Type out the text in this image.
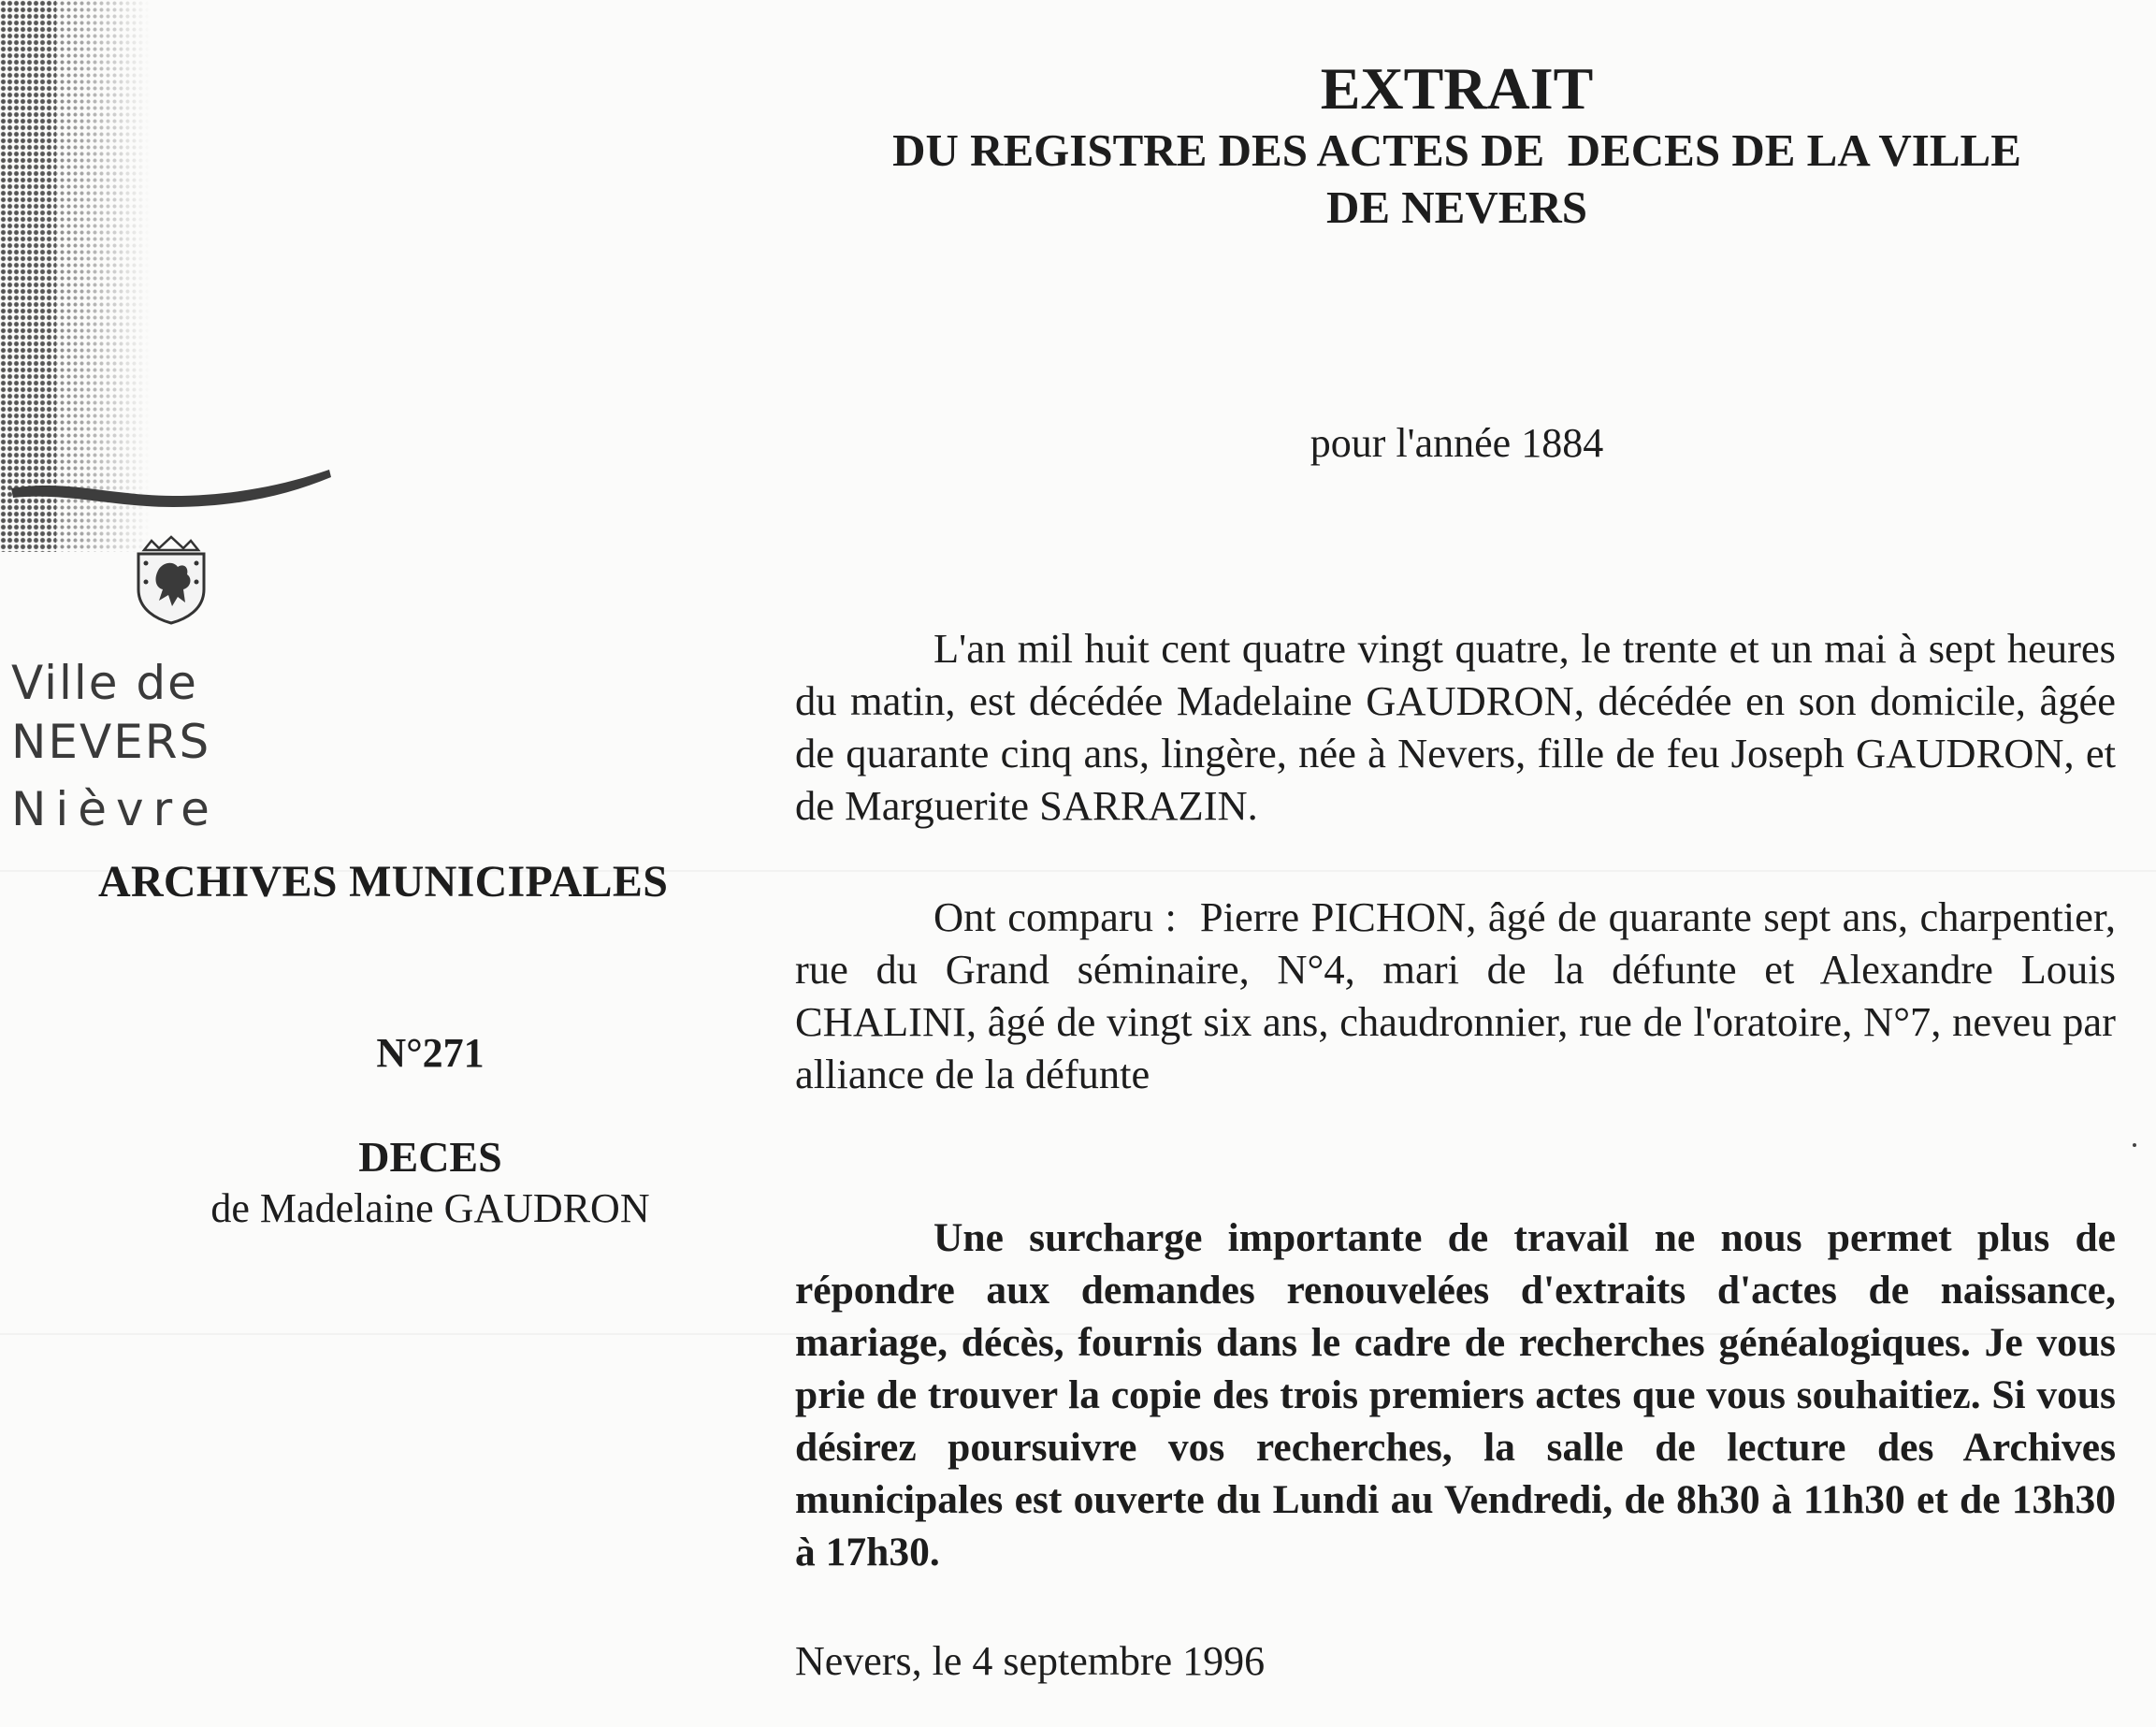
Ville de
NEVERS
Nièvre
ARCHIVES MUNICIPALES
N°271
DECES
de Madelaine GAUDRON
EXTRAIT
DU REGISTRE DES ACTES DE  DECES DE LA VILLE
DE NEVERS
pour l'année 1884

L'an mil huit cent quatre vingt quatre, le trente et un mai à sept heures du matin, est décédée Madelaine GAUDRON, décédée en son domicile, âgée de quarante cinq ans, lingère, née à Nevers, fille de feu Joseph GAUDRON, et de Marguerite SARRAZIN.

Ont comparu :  Pierre PICHON, âgé de quarante sept ans, charpentier, rue du Grand séminaire, N°4, mari de la défunte et Alexandre Louis CHALINI, âgé de vingt six ans, chaudronnier, rue de l'oratoire, N°7, neveu par alliance de la défunte

Une surcharge importante de travail ne nous permet plus de répondre aux demandes renouvelées d'extraits d'actes de naissance, mariage, décès, fournis dans le cadre de recherches généalogiques. Je vous prie de trouver la copie des trois premiers actes que vous souhaitiez. Si vous désirez poursuivre vos recherches, la salle de lecture des Archives municipales est ouverte du Lundi au Vendredi, de 8h30 à 11h30 et de 13h30 à 17h30.

Nevers, le 4 septembre 1996
